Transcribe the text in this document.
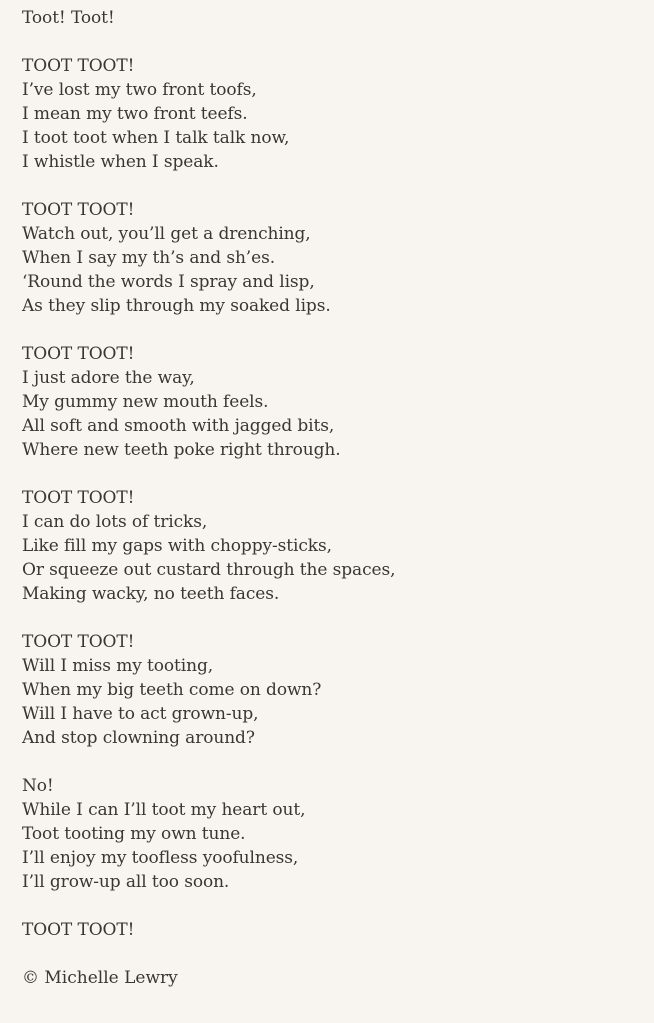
Toot! Toot!
TOOT TOOT!
I’ve lost my two front toofs,
I mean my two front teefs.
I toot toot when I talk talk now,
I whistle when I speak.
TOOT TOOT!
Watch out, you’ll get a drenching,
When I say my th’s and sh’es.
‘Round the words I spray and lisp,
As they slip through my soaked lips.
TOOT TOOT!
I just adore the way,
My gummy new mouth feels.
All soft and smooth with jagged bits,
Where new teeth poke right through.
TOOT TOOT!
I can do lots of tricks,
Like fill my gaps with choppy-sticks,
Or squeeze out custard through the spaces,
Making wacky, no teeth faces.
TOOT TOOT!
Will I miss my tooting,
When my big teeth come on down?
Will I have to act grown-up,
And stop clowning around?
No!
While I can I’ll toot my heart out,
Toot tooting my own tune.
I’ll enjoy my toofless yoofulness,
I’ll grow-up all too soon.
TOOT TOOT!
© Michelle Lewry
